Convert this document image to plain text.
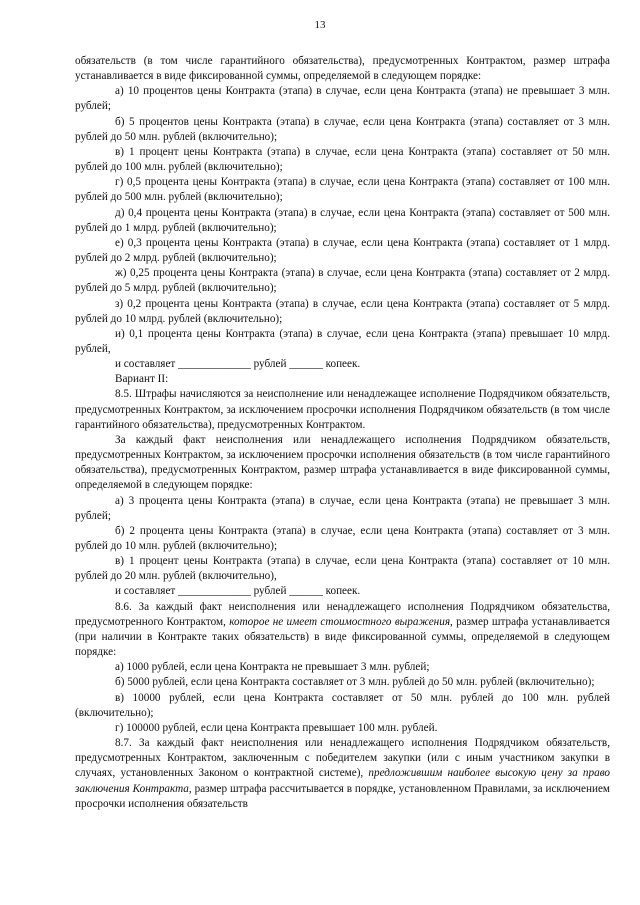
13

обязательств (в том числе гарантийного обязательства), предусмотренных Контрактом, размер штрафа устанавливается в виде фиксированной суммы, определяемой в следующем порядке:

а) 10 процентов цены Контракта (этапа) в случае, если цена Контракта (этапа) не превышает 3 млн. рублей;

б) 5 процентов цены Контракта (этапа) в случае, если цена Контракта (этапа) составляет от 3 млн. рублей до 50 млн. рублей (включительно);

в) 1 процент цены Контракта (этапа) в случае, если цена Контракта (этапа) составляет от 50 млн. рублей до 100 млн. рублей (включительно);

г) 0,5 процента цены Контракта (этапа) в случае, если цена Контракта (этапа) составляет от 100 млн. рублей до 500 млн. рублей (включительно);

д) 0,4 процента цены Контракта (этапа) в случае, если цена Контракта (этапа) составляет от 500 млн. рублей до 1 млрд. рублей (включительно);

е) 0,3 процента цены Контракта (этапа) в случае, если цена Контракта (этапа) составляет от 1 млрд. рублей до 2 млрд. рублей (включительно);

ж) 0,25 процента цены Контракта (этапа) в случае, если цена Контракта (этапа) составляет от 2 млрд. рублей до 5 млрд. рублей (включительно);

з) 0,2 процента цены Контракта (этапа) в случае, если цена Контракта (этапа) составляет от 5 млрд. рублей до 10 млрд. рублей (включительно);

и) 0,1 процента цены Контракта (этапа) в случае, если цена Контракта (этапа) превышает 10 млрд. рублей,

и составляет _____________ рублей ______ копеек.

Вариант II:

8.5. Штрафы начисляются за неисполнение или ненадлежащее исполнение Подрядчиком обязательств, предусмотренных Контрактом, за исключением просрочки исполнения Подрядчиком обязательств (в том числе гарантийного обязательства), предусмотренных Контрактом.

За каждый факт неисполнения или ненадлежащего исполнения Подрядчиком обязательств, предусмотренных Контрактом, за исключением просрочки исполнения обязательств (в том числе гарантийного обязательства), предусмотренных Контрактом, размер штрафа устанавливается в виде фиксированной суммы, определяемой в следующем порядке:

а) 3 процента цены Контракта (этапа) в случае, если цена Контракта (этапа) не превышает 3 млн. рублей;

б) 2 процента цены Контракта (этапа) в случае, если цена Контракта (этапа) составляет от 3 млн. рублей до 10 млн. рублей (включительно);

в) 1 процент цены Контракта (этапа) в случае, если цена Контракта (этапа) составляет от 10 млн. рублей до 20 млн. рублей (включительно),

и составляет _____________ рублей ______ копеек.

8.6. За каждый факт неисполнения или ненадлежащего исполнения Подрядчиком обязательства, предусмотренного Контрактом, которое не имеет стоимостного выражения, размер штрафа устанавливается (при наличии в Контракте таких обязательств) в виде фиксированной суммы, определяемой в следующем порядке:

а) 1000 рублей, если цена Контракта не превышает 3 млн. рублей;

б) 5000 рублей, если цена Контракта составляет от 3 млн. рублей до 50 млн. рублей (включительно);

в) 10000 рублей, если цена Контракта составляет от 50 млн. рублей до 100 млн. рублей (включительно);

г) 100000 рублей, если цена Контракта превышает 100 млн. рублей.

8.7. За каждый факт неисполнения или ненадлежащего исполнения Подрядчиком обязательств, предусмотренных Контрактом, заключенным с победителем закупки (или с иным участником закупки в случаях, установленных Законом о контрактной системе), предложившим наиболее высокую цену за право заключения Контракта, размер штрафа рассчитывается в порядке, установленном Правилами, за исключением просрочки исполнения обязательств
